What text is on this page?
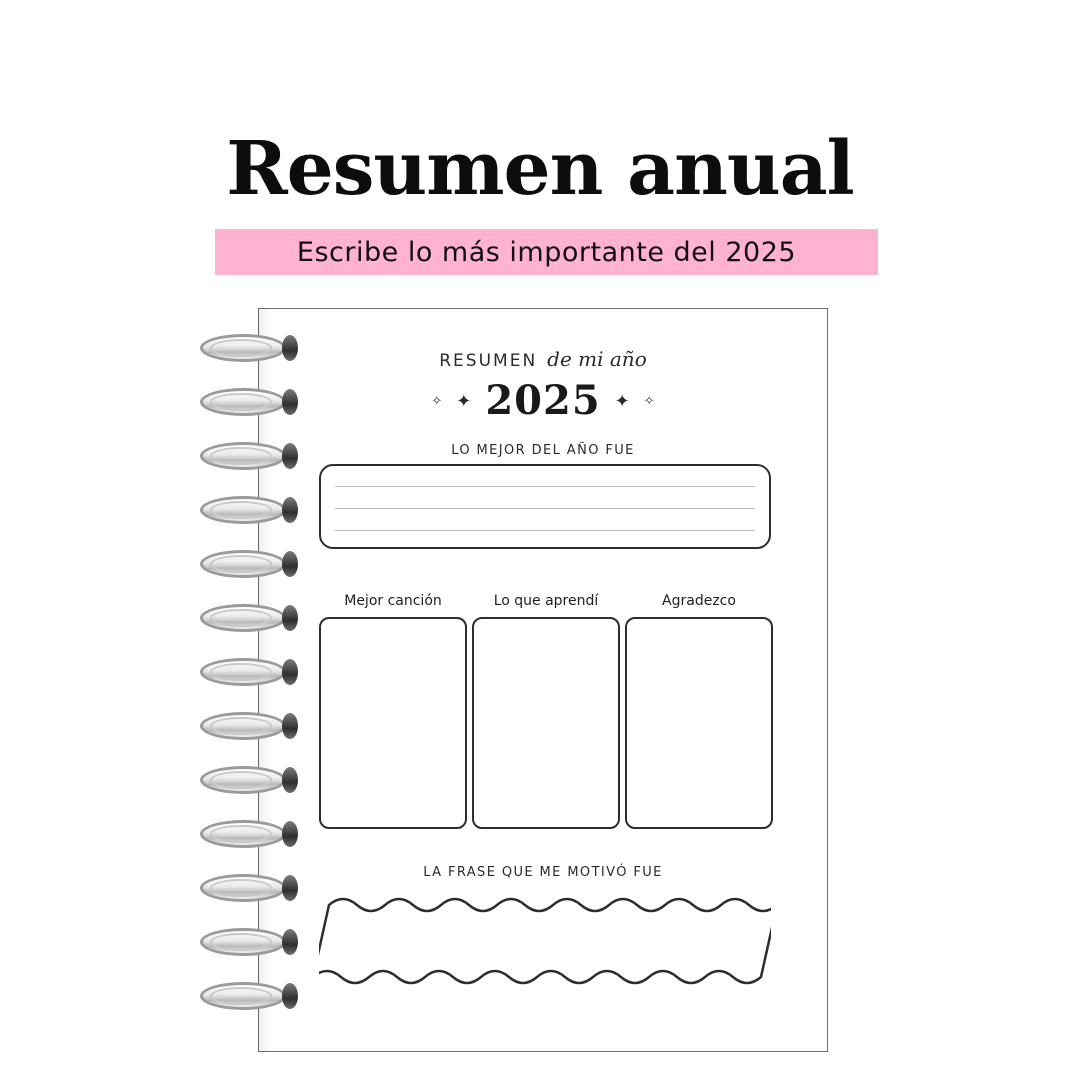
Resumen anual
Escribe lo más importante del 2025
RESUMEN de mi año
✧ ✦ 2025 ✦ ✧
LO MEJOR DEL AÑO FUE
Mejor canción	Lo que aprendí	Agradezco
LA FRASE QUE ME MOTIVÓ FUE
